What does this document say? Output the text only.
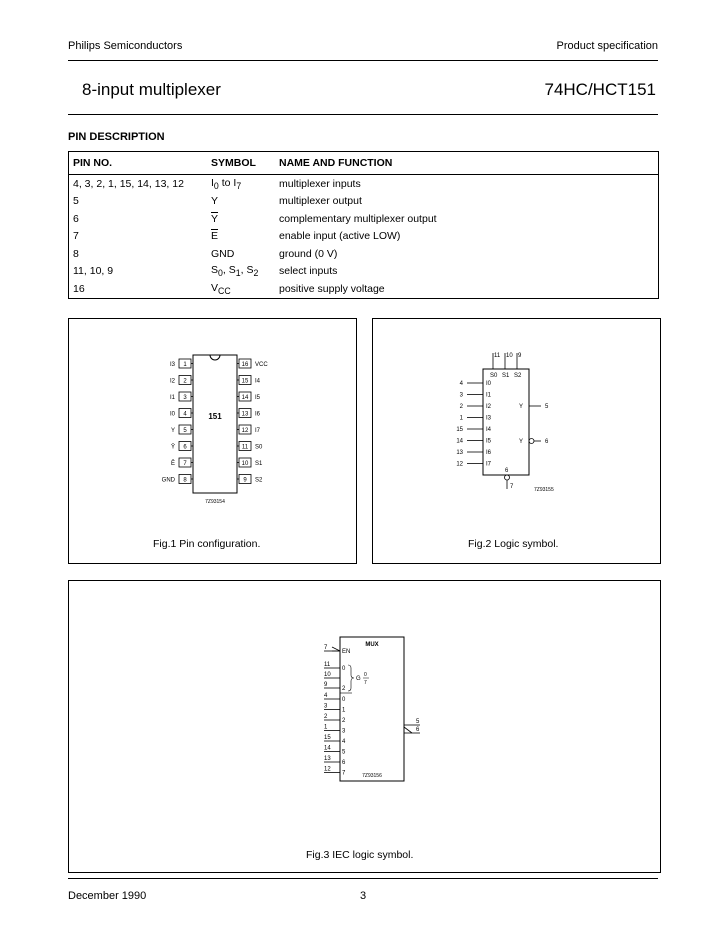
Philips Semiconductors	Product specification
8-input multiplexer	74HC/HCT151
PIN DESCRIPTION
PIN NO.	SYMBOL	NAME AND FUNCTION
4, 3, 2, 1, 15, 14, 13, 12	$I_0$ to $I_7$	multiplexer inputs
5	Y	multiplexer output
6	$\overline{Y}$	complementary multiplexer output
7	$\overline{E}$	enable input (active LOW)
8	GND	ground (0 V)
11, 10, 9	$S_0$, $S_1$, $S_2$	select inputs
16	$V_{CC}$	positive supply voltage
151
1
I3
2
I2
3
I1
4
I0
5
Y
6
Ȳ
7
Ē
8
GND
16 VCC
15 I4
14 I5
13 I6
12 I7
11 S0
10 S1
9 S2
7Z93154
Fig.1 Pin configuration.
11
S0
10
S1
9
S2
4	I0
3	I1
2	I2
1	I3
15	I4
14	I5
13	I6
12	I7
Y	5
Y	6
6
7	7Z93155
Fig.2 Logic symbol.
MUX
7
EN
11
0
10
9
2
G
0
7
4
0
3
1
2
2
1
3
15
4
14
5
13
6
12
7
5
6
7Z93156
Fig.3 IEC logic symbol.
December 1990	3
